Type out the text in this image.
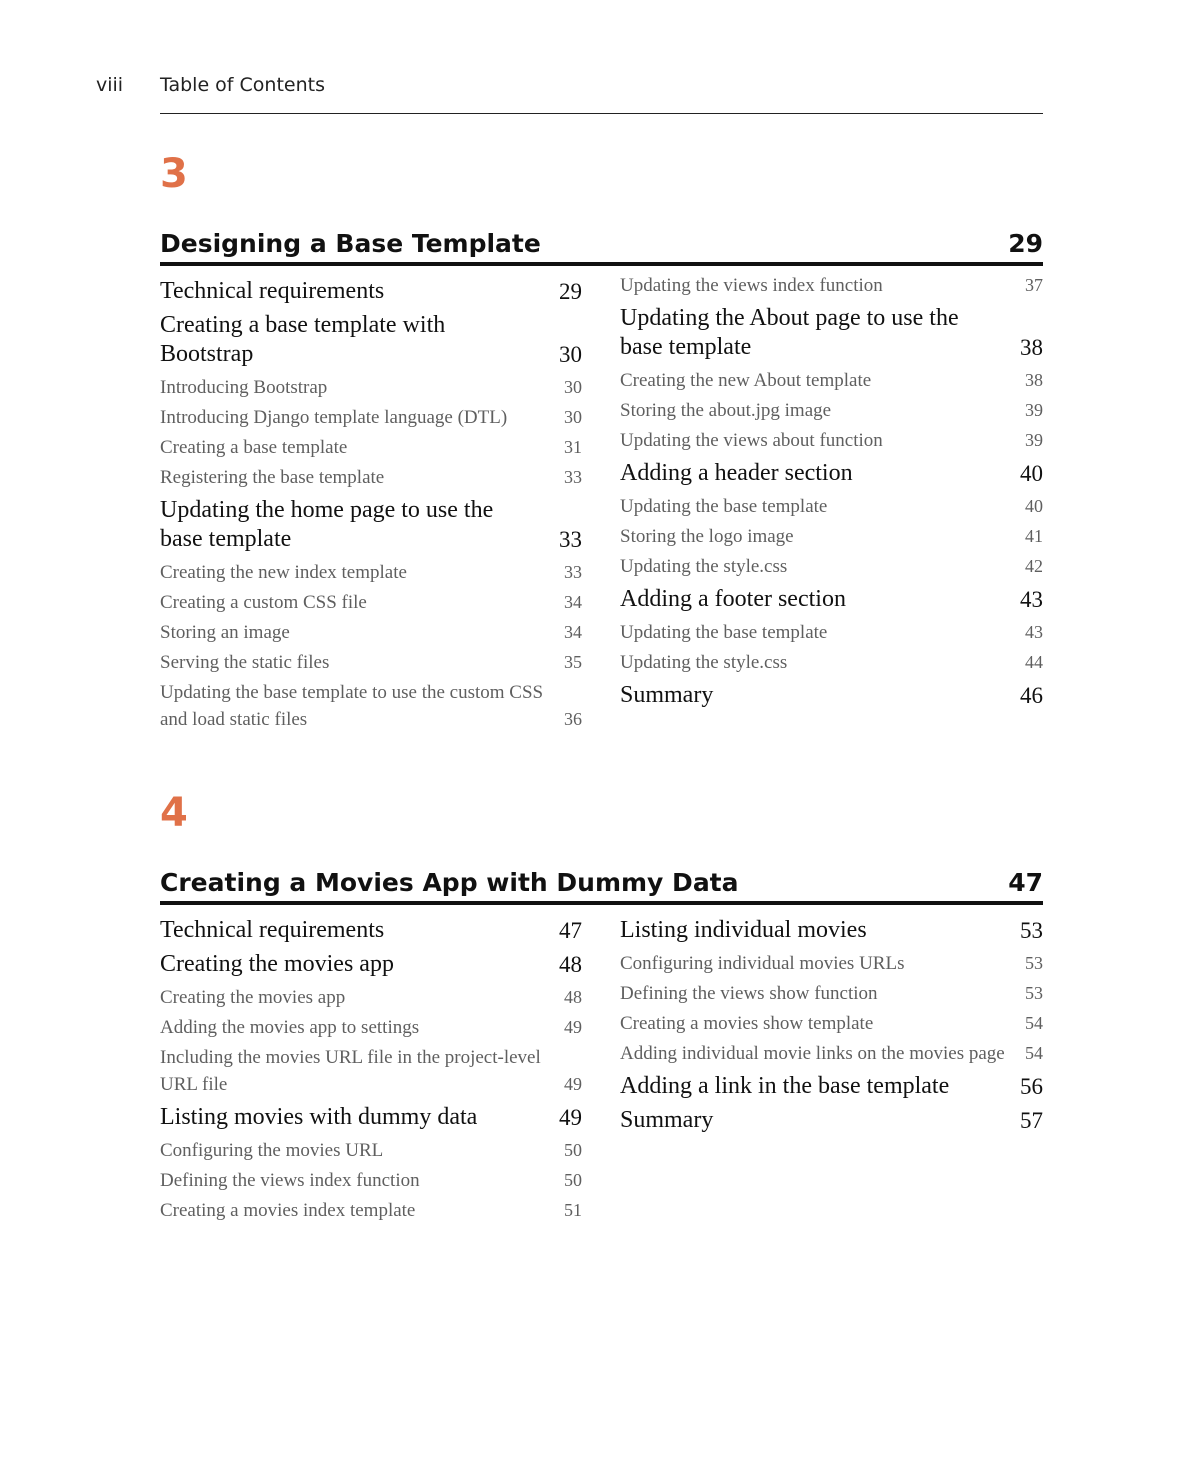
viii Table of Contents
3
Designing a Base Template	29
Technical requirements	29
Creating a base template with Bootstrap	30
Introducing Bootstrap	30
Introducing Django template language (DTL)	30
Creating a base template	31
Registering the base template	33
Updating the home page to use the base template	33
Creating the new index template	33
Creating a custom CSS file	34
Storing an image	34
Serving the static files	35
Updating the base template to use the custom CSS and load static files	36
Updating the views index function	37
Updating the About page to use the base template	38
Creating the new About template	38
Storing the about.jpg image	39
Updating the views about function	39
Adding a header section	40
Updating the base template	40
Storing the logo image	41
Updating the style.css	42
Adding a footer section	43
Updating the base template	43
Updating the style.css	44
Summary	46
4
Creating a Movies App with Dummy Data	47
Technical requirements	47
Creating the movies app	48
Creating the movies app	48
Adding the movies app to settings	49
Including the movies URL file in the project-level URL file	49
Listing movies with dummy data	49
Configuring the movies URL	50
Defining the views index function	50
Creating a movies index template	51
Listing individual movies	53
Configuring individual movies URLs	53
Defining the views show function	53
Creating a movies show template	54
Adding individual movie links on the movies page	54
Adding a link in the base template	56
Summary	57
